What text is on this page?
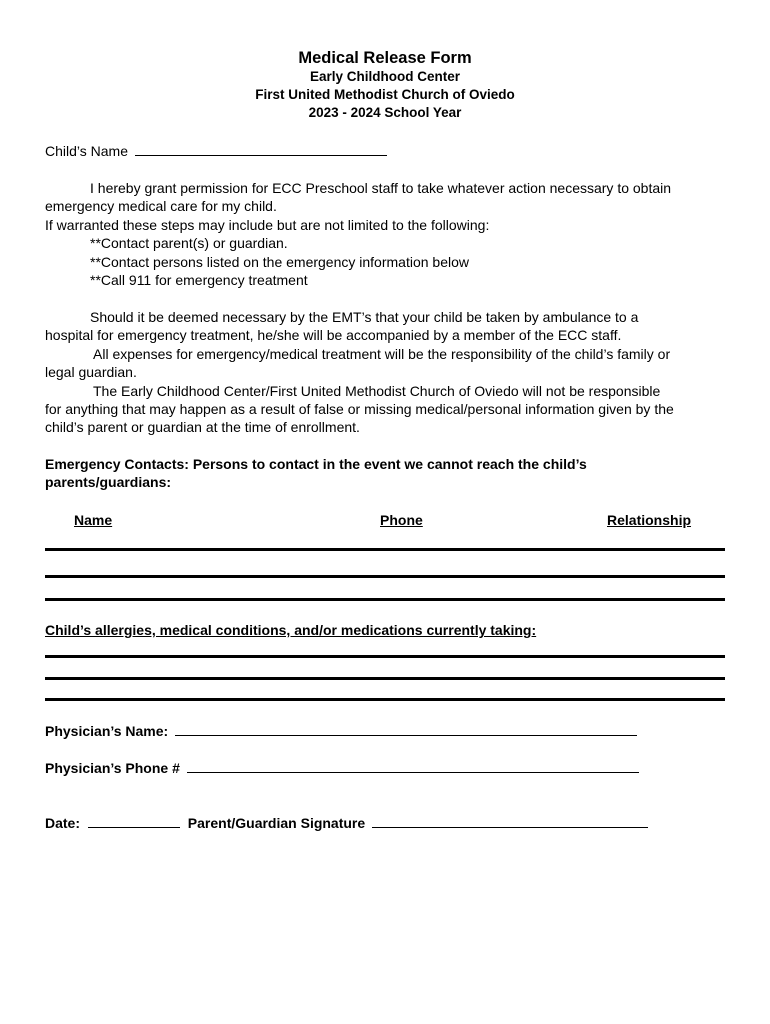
Medical Release Form
Early Childhood Center
First United Methodist Church of Oviedo
2023 - 2024 School Year
Child’s Name
I hereby grant permission for ECC Preschool staff to take whatever action necessary to obtain
emergency medical care for my child.
If warranted these steps may include but are not limited to the following:
**Contact parent(s) or guardian.
**Contact persons listed on the emergency information below
**Call 911 for emergency treatment
Should it be deemed necessary by the EMT’s that your child be taken by ambulance to a
hospital for emergency treatment, he/she will be accompanied by a member of the ECC staff.
All expenses for emergency/medical treatment will be the responsibility of the child’s family or
legal guardian.
The Early Childhood Center/First United Methodist Church of Oviedo will not be responsible
for anything that may happen as a result of false or missing medical/personal information given by the
child’s parent or guardian at the time of enrollment.
Emergency Contacts: Persons to contact in the event we cannot reach the child’s
parents/guardians:
Name	Phone	Relationship
Child’s allergies, medical conditions, and/or medications currently taking:
Physician’s Name:
Physician’s Phone #
Date:	Parent/Guardian Signature
